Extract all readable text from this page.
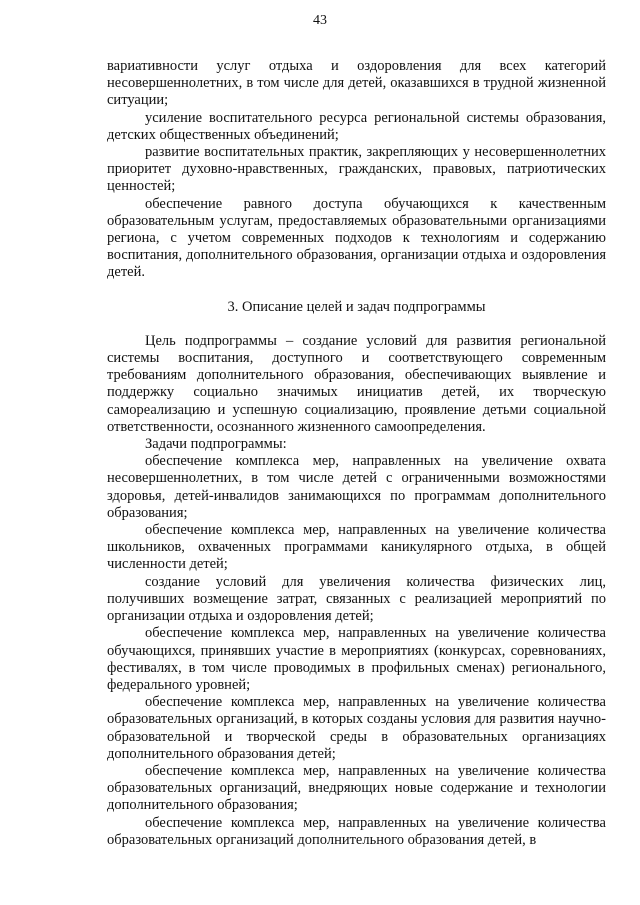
43

вариативности услуг отдыха и оздоровления для всех категорий несовершеннолетних, в том числе для детей, оказавшихся в трудной жизненной ситуации;

усиление воспитательного ресурса региональной системы образования, детских общественных объединений;

развитие воспитательных практик, закрепляющих у несовершеннолетних приоритет духовно-нравственных, гражданских, правовых, патриотических ценностей;

обеспечение равного доступа обучающихся к качественным образовательным услугам, предоставляемых образовательными организациями региона, с учетом современных подходов к технологиям и содержанию воспитания, дополнительного образования, организации отдыха и оздоровления детей.

3. Описание целей и задач подпрограммы

Цель подпрограммы – создание условий для развития региональной системы воспитания, доступного и соответствующего современным требованиям дополнительного образования, обеспечивающих выявление и поддержку социально значимых инициатив детей, их творческую самореализацию и успешную социализацию, проявление детьми социальной ответственности, осознанного жизненного самоопределения.

Задачи подпрограммы:

обеспечение комплекса мер, направленных на увеличение охвата несовершеннолетних, в том числе детей с ограниченными возможностями здоровья, детей-инвалидов занимающихся по программам дополнительного образования;

обеспечение комплекса мер, направленных на увеличение количества школьников, охваченных программами каникулярного отдыха, в общей численности детей;

создание условий для увеличения количества физических лиц, получивших возмещение затрат, связанных с реализацией мероприятий по организации отдыха и оздоровления детей;

обеспечение комплекса мер, направленных на увеличение количества обучающихся, принявших участие в мероприятиях (конкурсах, соревнованиях, фестивалях, в том числе проводимых в профильных сменах) регионального, федерального уровней;

обеспечение комплекса мер, направленных на увеличение количества образовательных организаций, в которых созданы условия для развития научно-образовательной и творческой среды в образовательных организациях дополнительного образования детей;

обеспечение комплекса мер, направленных на увеличение количества образовательных организаций, внедряющих новые содержание и технологии дополнительного образования;

обеспечение комплекса мер, направленных на увеличение количества образовательных организаций дополнительного образования детей, в
